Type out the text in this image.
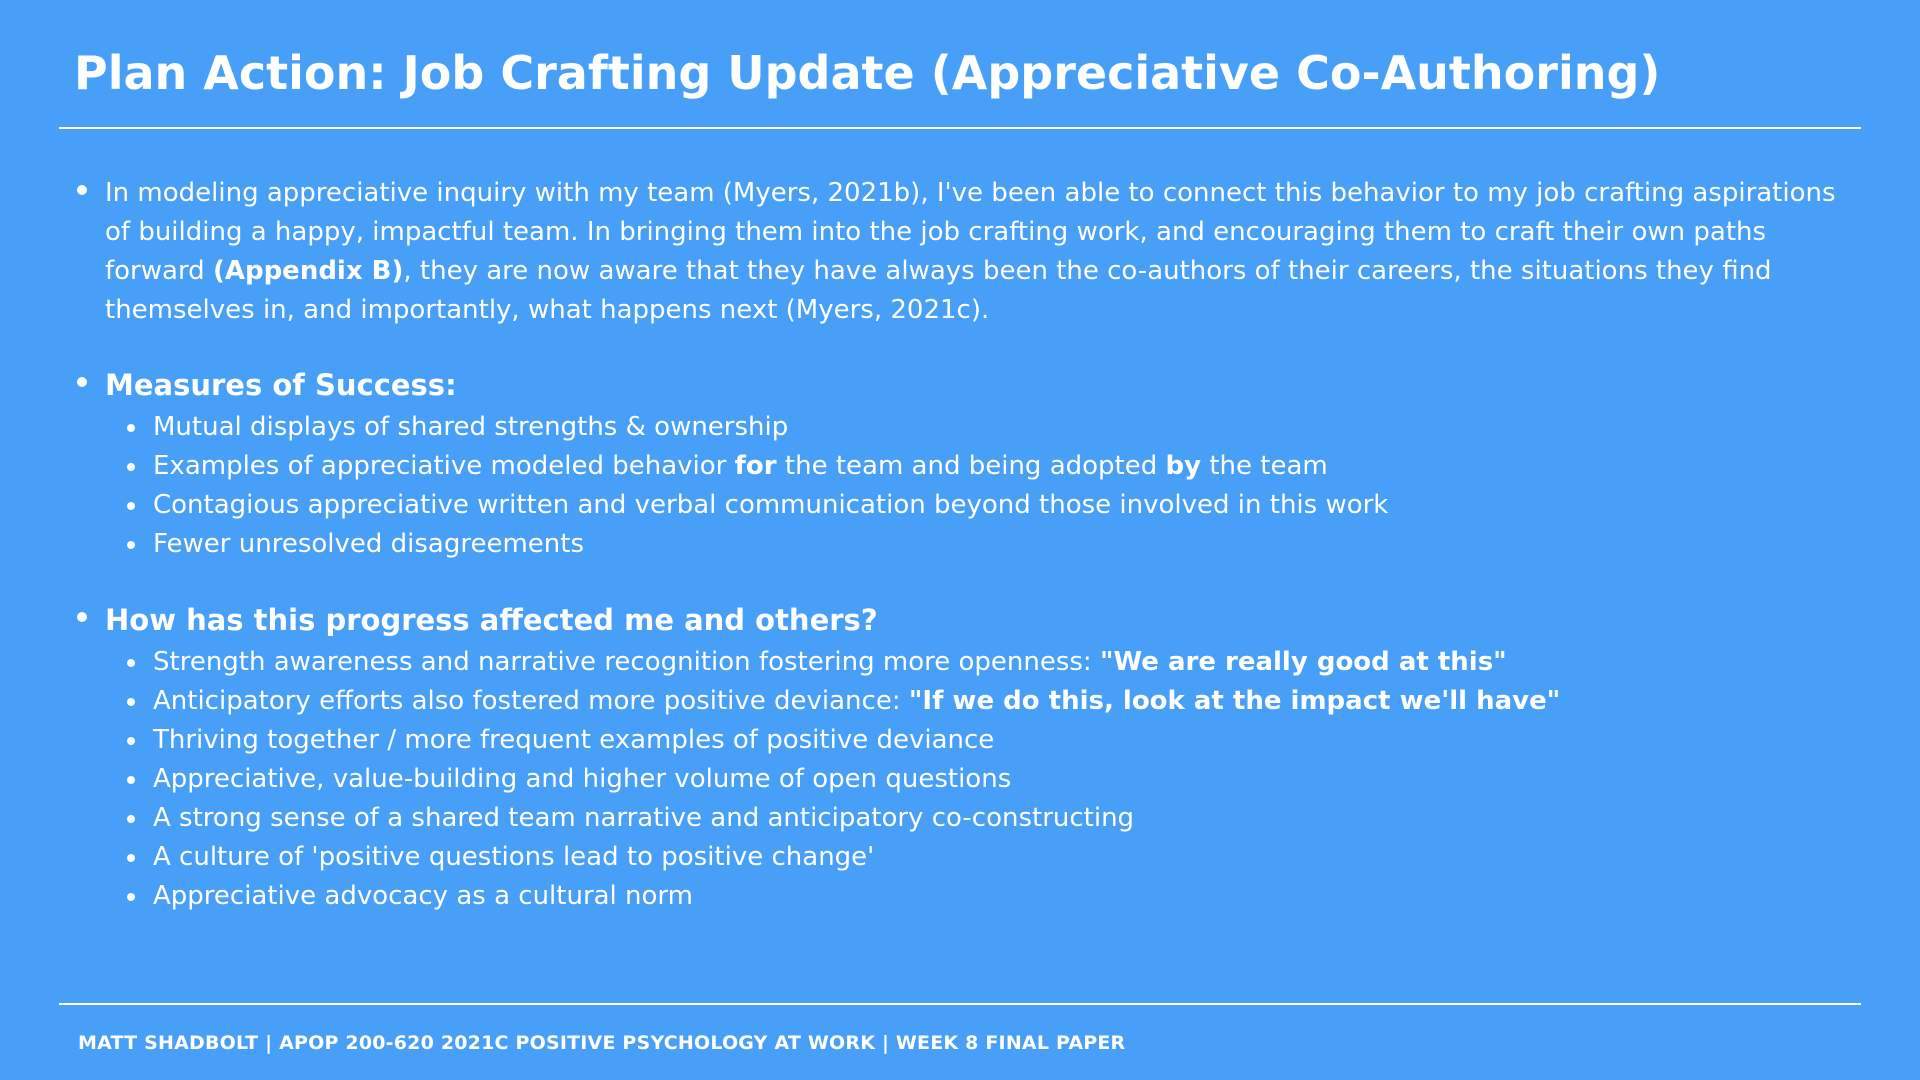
Plan Action: Job Crafting Update (Appreciative Co-Authoring)

In modeling appreciative inquiry with my team (Myers, 2021b), I've been able to connect this behavior to my job crafting aspirations of building a happy, impactful team. In bringing them into the job crafting work, and encouraging them to craft their own paths forward (Appendix B), they are now aware that they have always been the co-authors of their careers, the situations they find themselves in, and importantly, what happens next (Myers, 2021c).

Measures of Success:
Mutual displays of shared strengths & ownership
Examples of appreciative modeled behavior for the team and being adopted by the team
Contagious appreciative written and verbal communication beyond those involved in this work
Fewer unresolved disagreements
How has this progress affected me and others?
Strength awareness and narrative recognition fostering more openness: "We are really good at this"
Anticipatory efforts also fostered more positive deviance: "If we do this, look at the impact we'll have"
Thriving together / more frequent examples of positive deviance
Appreciative, value-building and higher volume of open questions
A strong sense of a shared team narrative and anticipatory co-constructing
A culture of 'positive questions lead to positive change'
Appreciative advocacy as a cultural norm
MATT SHADBOLT | APOP 200-620 2021C POSITIVE PSYCHOLOGY AT WORK | WEEK 8 FINAL PAPER
